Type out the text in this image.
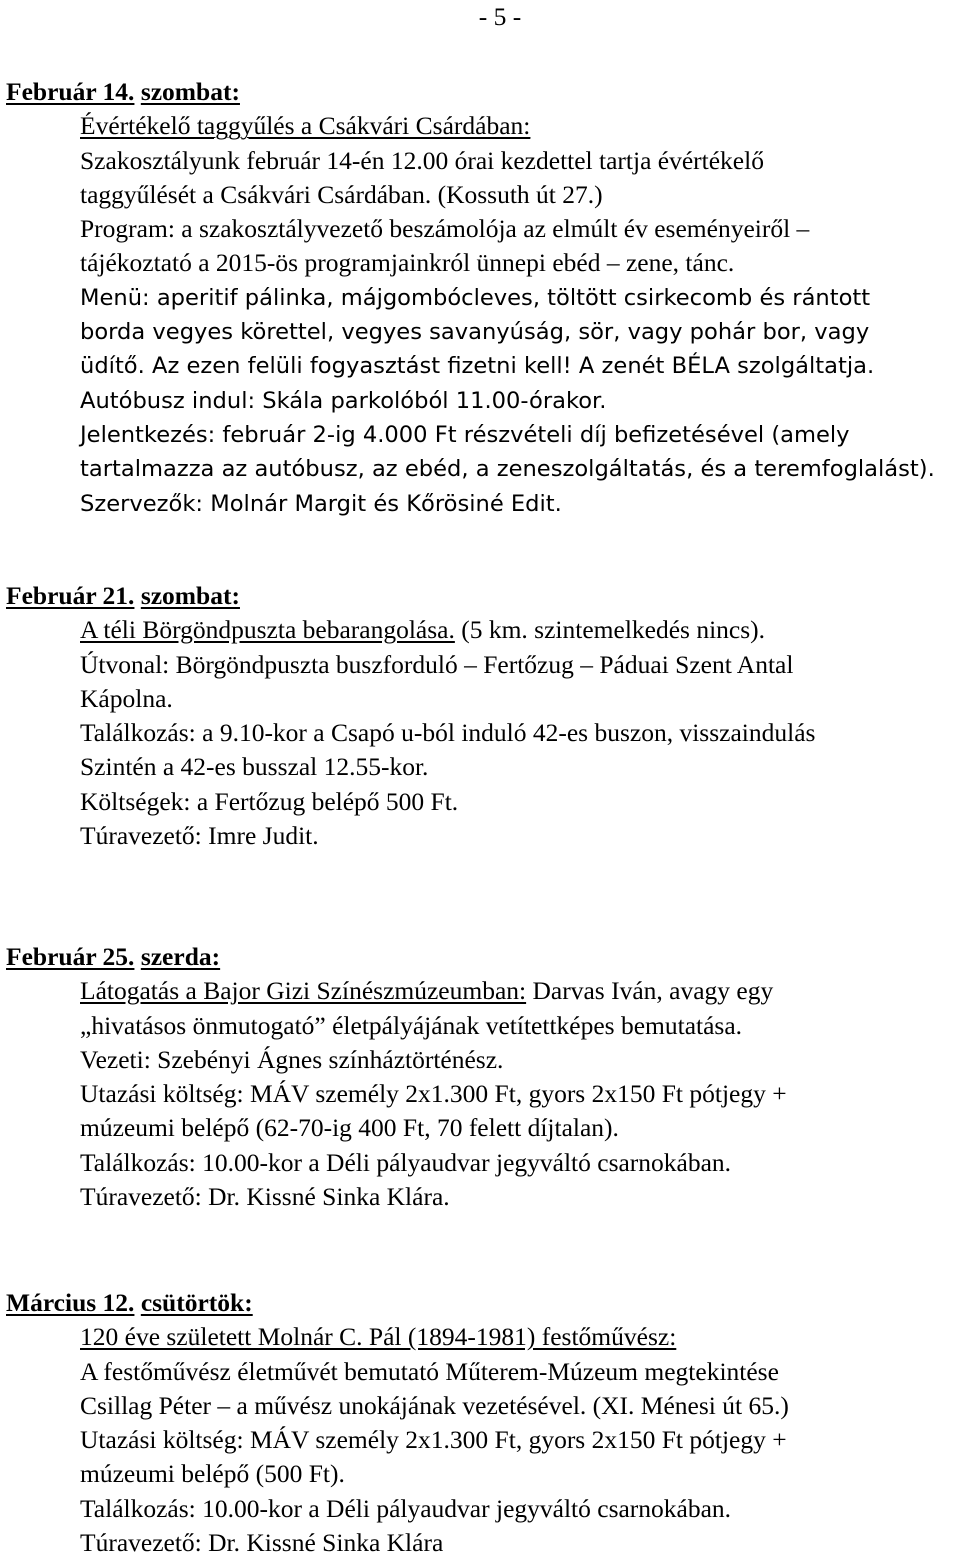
- 5 -
Február 14. szombat:
Évértékelő taggyűlés a Csákvári Csárdában:
Szakosztályunk február 14-én 12.00 órai kezdettel tartja évértékelő
taggyűlését a Csákvári Csárdában. (Kossuth út 27.)
Program: a szakosztályvezető beszámolója az elmúlt év eseményeiről –
tájékoztató a 2015-ös programjainkról ünnepi ebéd – zene, tánc.
Menü: aperitif pálinka, májgombócleves, töltött csirkecomb és rántott
borda vegyes körettel, vegyes savanyúság, sör, vagy pohár bor, vagy
üdítő. Az ezen felüli fogyasztást fizetni kell! A zenét BÉLA szolgáltatja.
Autóbusz indul: Skála parkolóból 11.00-órakor.
Jelentkezés: február 2-ig 4.000 Ft részvételi díj befizetésével (amely
tartalmazza az autóbusz, az ebéd, a zeneszolgáltatás, és a teremfoglalást).
Szervezők: Molnár Margit és Kőrösiné Edit.
Február 21. szombat:
A téli Börgöndpuszta bebarangolása. (5 km. szintemelkedés nincs).
Útvonal: Börgöndpuszta buszforduló – Fertőzug – Páduai Szent Antal
Kápolna.
Találkozás: a 9.10-kor a Csapó u-ból induló 42-es buszon, visszaindulás
Szintén a 42-es busszal 12.55-kor.
Költségek: a Fertőzug belépő 500 Ft.
Túravezető: Imre Judit.
Február 25. szerda:
Látogatás a Bajor Gizi Színészmúzeumban: Darvas Iván, avagy egy
„hivatásos önmutogató” életpályájának vetítettképes bemutatása.
Vezeti: Szebényi Ágnes színháztörténész.
Utazási költség: MÁV személy 2x1.300 Ft, gyors 2x150 Ft pótjegy +
múzeumi belépő (62-70-ig 400 Ft, 70 felett díjtalan).
Találkozás: 10.00-kor a Déli pályaudvar jegyváltó csarnokában.
Túravezető: Dr. Kissné Sinka Klára.
Március 12. csütörtök:
120 éve született Molnár C. Pál (1894-1981) festőművész:
A festőművész életművét bemutató Műterem-Múzeum megtekintése
Csillag Péter – a művész unokájának vezetésével. (XI. Ménesi út 65.)
Utazási költség: MÁV személy 2x1.300 Ft, gyors 2x150 Ft pótjegy +
múzeumi belépő (500 Ft).
Találkozás: 10.00-kor a Déli pályaudvar jegyváltó csarnokában.
Túravezető: Dr. Kissné Sinka Klára
